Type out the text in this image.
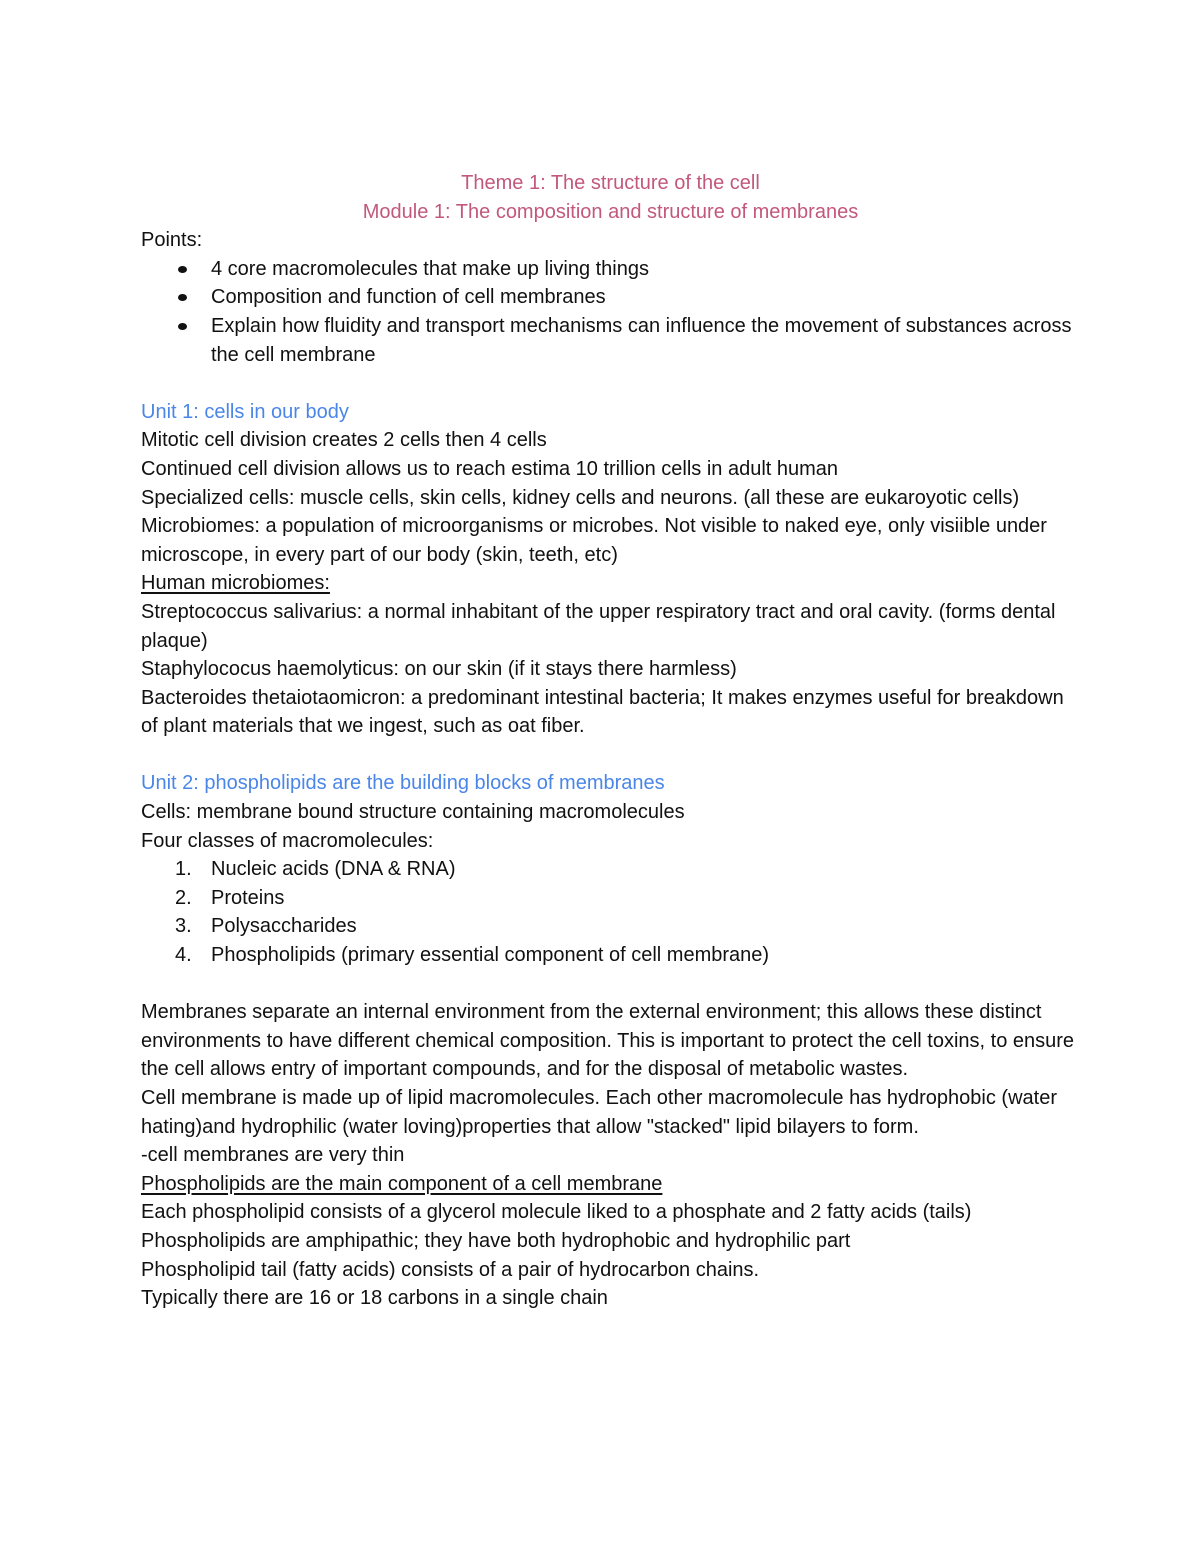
Theme 1: The structure of the cell
Module 1: The composition and structure of membranes
Points:
4 core macromolecules that make up living things
Composition and function of cell membranes
Explain how fluidity and transport mechanisms can influence the movement of substances across the cell membrane
Unit 1: cells in our body
Mitotic cell division creates 2 cells then 4 cells
Continued cell division allows us to reach estima 10 trillion cells in adult human
Specialized cells: muscle cells, skin cells, kidney cells and neurons. (all these are eukaroyotic cells)
Microbiomes: a population of microorganisms or microbes. Not visible to naked eye, only visiible under microscope, in every part of our body (skin, teeth, etc)
Human microbiomes:
Streptococcus salivarius: a normal inhabitant of the upper respiratory tract and oral cavity. (forms dental plaque)
Staphylococus haemolyticus: on our skin (if it stays there harmless)
Bacteroides thetaiotaomicron: a predominant intestinal bacteria; It makes enzymes useful for breakdown of plant materials that we ingest, such as oat fiber.
Unit 2: phospholipids are the building blocks of membranes
Cells: membrane bound structure containing macromolecules
Four classes of macromolecules:
1. Nucleic acids (DNA & RNA)
2. Proteins
3. Polysaccharides
4. Phospholipids (primary essential component of cell membrane)
Membranes separate an internal environment from the external environment; this allows these distinct environments to have different chemical composition. This is important to protect the cell toxins, to ensure the cell allows entry of important compounds, and for the disposal of metabolic wastes.
Cell membrane is made up of lipid macromolecules. Each other macromolecule has hydrophobic (water hating)and hydrophilic (water loving)properties that allow "stacked" lipid bilayers to form.
-cell membranes are very thin
Phospholipids are the main component of a cell membrane
Each phospholipid consists of a glycerol molecule liked to a phosphate and 2 fatty acids (tails)
Phospholipids are amphipathic; they have both hydrophobic and hydrophilic part
Phospholipid tail (fatty acids) consists of a pair of hydrocarbon chains.
Typically there are 16 or 18 carbons in a single chain
